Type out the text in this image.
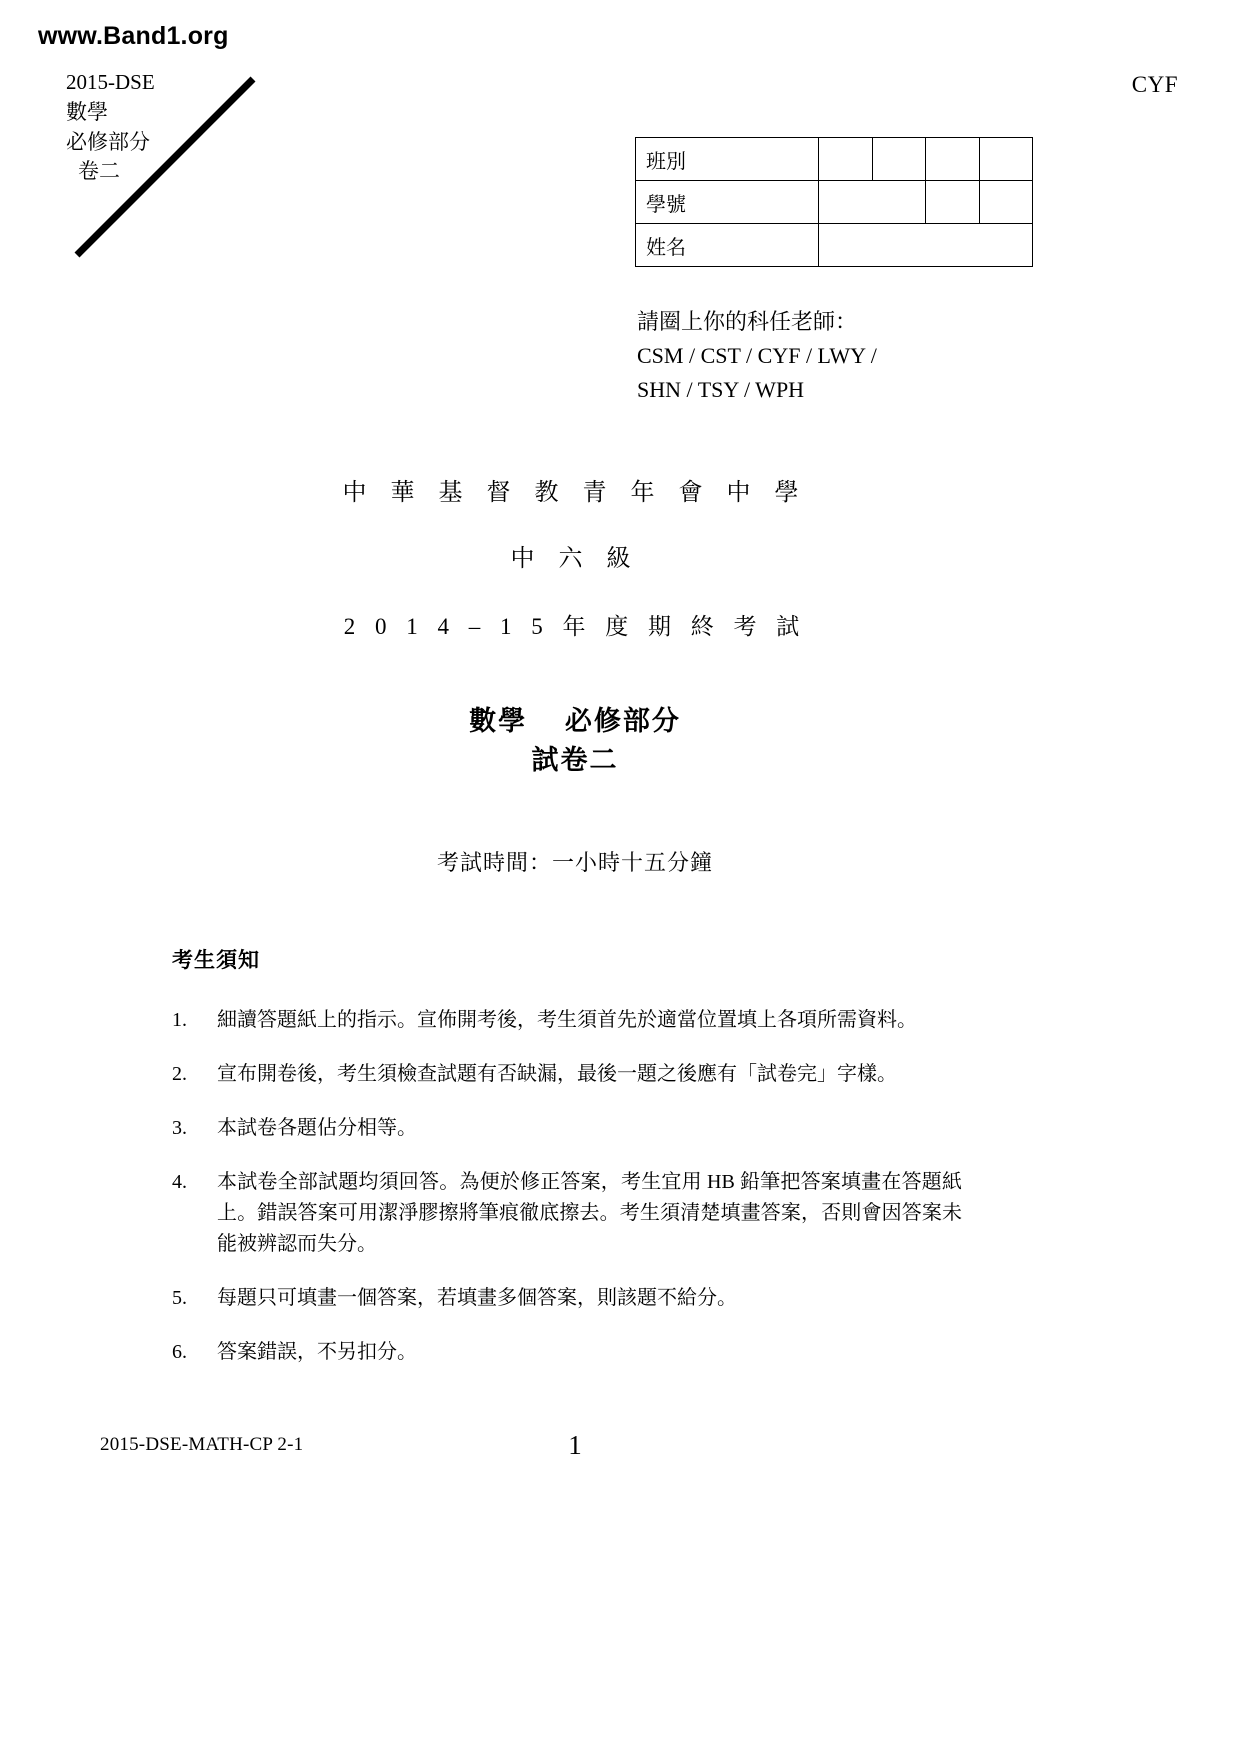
www.Band1.org
2015-DSE
數學
必修部分
卷二
CYF
班別				
學號				
姓名				
請圈上你的科任老師：
CSM / CST / CYF / LWY /
SHN / TSY / WPH
中 華 基 督 教 青 年 會 中 學
中 六 級
2 0 1 4 – 1 5 年 度 期 終 考 試
數學　 必修部分
試卷二
考試時間：一小時十五分鐘
考生須知
1.	細讀答題紙上的指示。宣佈開考後，考生須首先於適當位置填上各項所需資料。
2.	宣布開卷後，考生須檢查試題有否缺漏，最後一題之後應有「試卷完」字樣。
3.	本試卷各題佔分相等。
4.	本試卷全部試題均須回答。為便於修正答案，考生宜用 HB 鉛筆把答案填畫在答題紙上。錯誤答案可用潔淨膠擦將筆痕徹底擦去。考生須清楚填畫答案，否則會因答案未能被辨認而失分。
5.	每題只可填畫一個答案，若填畫多個答案，則該題不給分。
6.	答案錯誤，不另扣分。
2015-DSE-MATH-CP 2-1	1
